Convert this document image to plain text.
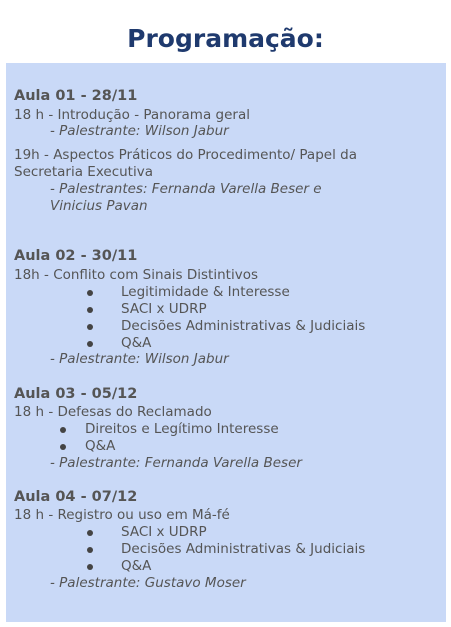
Programação:
Aula 01 - 28/11
18 h - Introdução - Panorama geral
- Palestrante: Wilson Jabur
19h - Aspectos Práticos do Procedimento/ Papel da
Secretaria Executiva
- Palestrantes: Fernanda Varella Beser e
Vinicius Pavan
Aula 02 - 30/11
18h - Conflito com Sinais Distintivos
Legitimidade & Interesse
SACI x UDRP
Decisões Administrativas & Judiciais
Q&A
- Palestrante: Wilson Jabur
Aula 03 - 05/12
18 h - Defesas do Reclamado
Direitos e Legítimo Interesse
Q&A
- Palestrante: Fernanda Varella Beser
Aula 04 - 07/12
18 h - Registro ou uso em Má-fé
SACI x UDRP
Decisões Administrativas & Judiciais
Q&A
- Palestrante: Gustavo Moser
